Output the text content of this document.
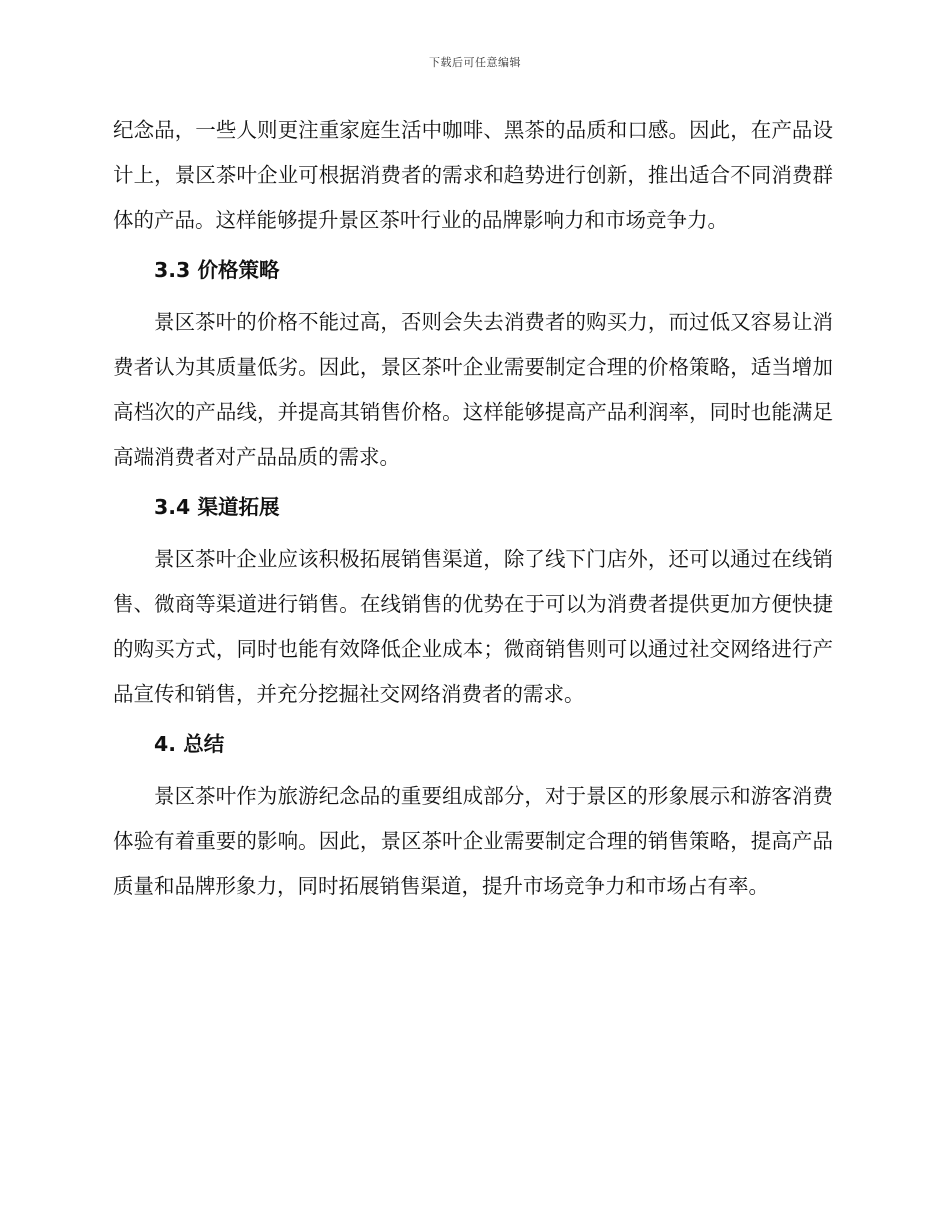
下载后可任意编辑

纪念品，一些人则更注重家庭生活中咖啡、黑茶的品质和口感。因此，在产品设计上，景区茶叶企业可根据消费者的需求和趋势进行创新，推出适合不同消费群体的产品。这样能够提升景区茶叶行业的品牌影响力和市场竞争力。

3.3 价格策略

景区茶叶的价格不能过高，否则会失去消费者的购买力，而过低又容易让消费者认为其质量低劣。因此，景区茶叶企业需要制定合理的价格策略，适当增加高档次的产品线，并提高其销售价格。这样能够提高产品利润率，同时也能满足高端消费者对产品品质的需求。

3.4 渠道拓展

景区茶叶企业应该积极拓展销售渠道，除了线下门店外，还可以通过在线销售、微商等渠道进行销售。在线销售的优势在于可以为消费者提供更加方便快捷的购买方式，同时也能有效降低企业成本；微商销售则可以通过社交网络进行产品宣传和销售，并充分挖掘社交网络消费者的需求。

4. 总结

景区茶叶作为旅游纪念品的重要组成部分，对于景区的形象展示和游客消费体验有着重要的影响。因此，景区茶叶企业需要制定合理的销售策略，提高产品质量和品牌形象力，同时拓展销售渠道，提升市场竞争力和市场占有率。
